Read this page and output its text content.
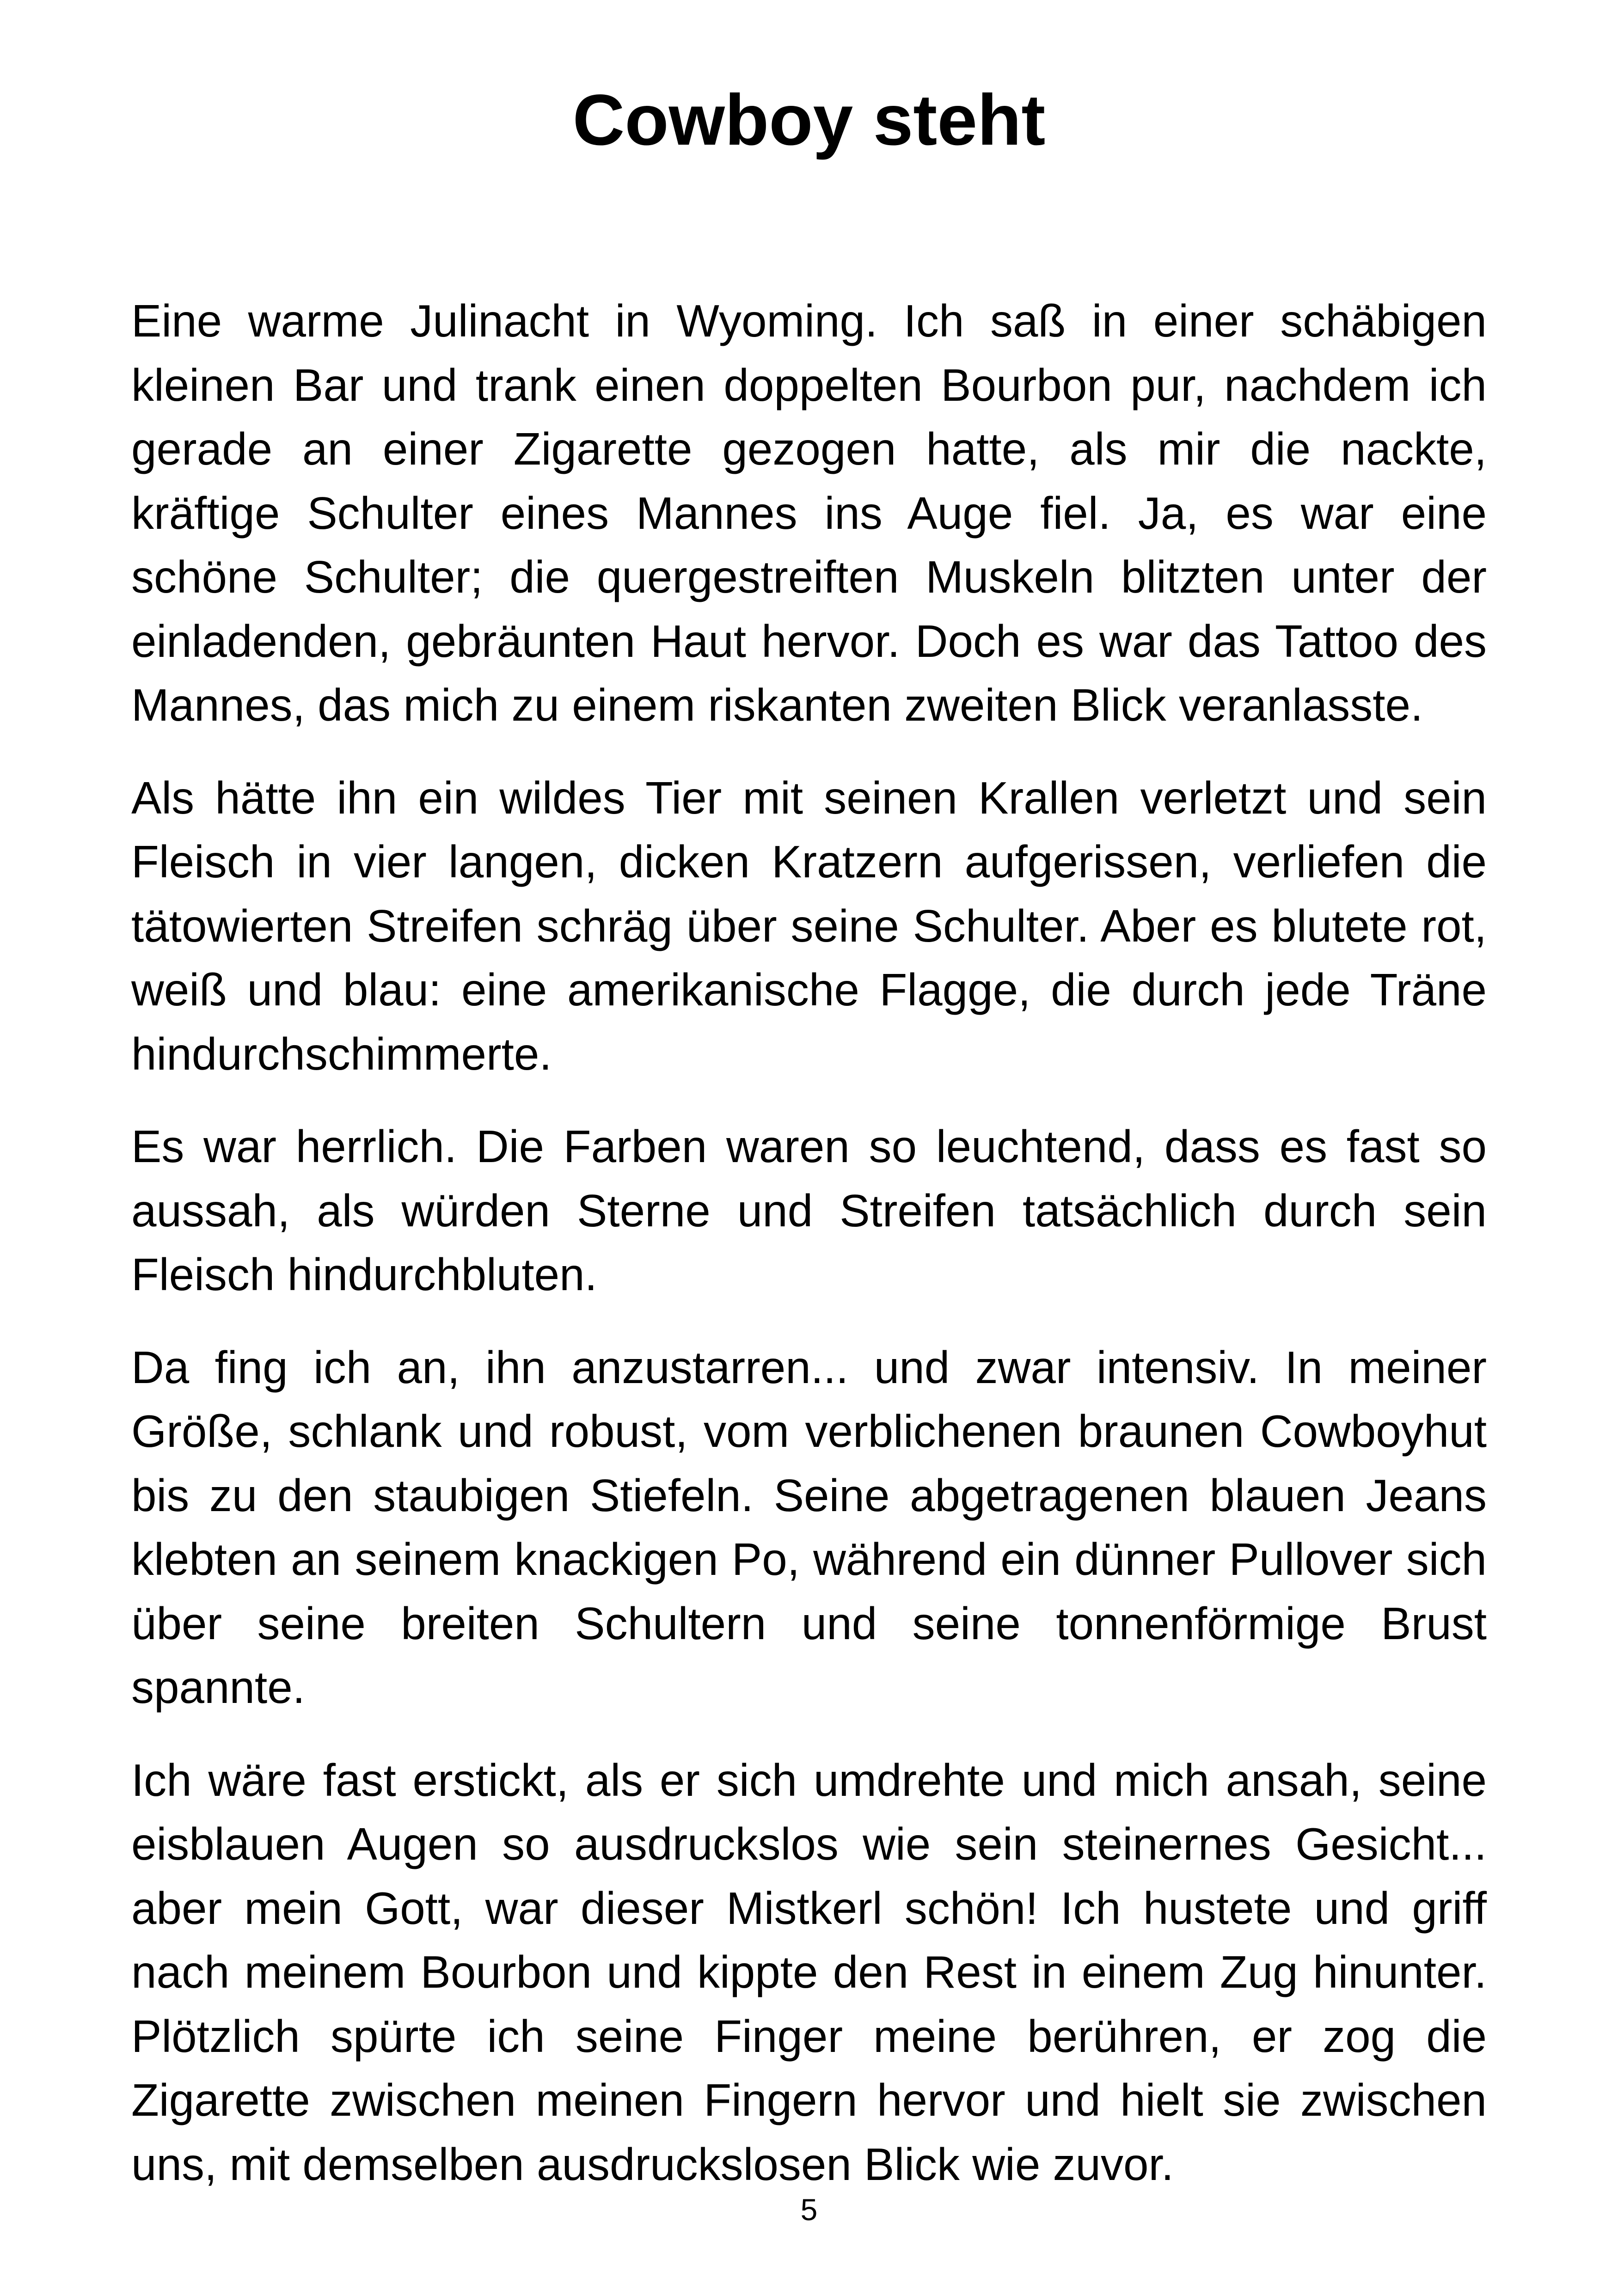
Cowboy steht

Eine warme Julinacht in Wyoming. Ich saß in einer schäbigen kleinen Bar und trank einen doppelten Bourbon pur, nachdem ich gerade an einer Zigarette gezogen hatte, als mir die nackte, kräftige Schulter eines Mannes ins Auge fiel. Ja, es war eine schöne Schulter; die quergestreiften Muskeln blitzten unter der einladenden, gebräunten Haut hervor. Doch es war das Tattoo des Mannes, das mich zu einem riskanten zweiten Blick veranlasste.

Als hätte ihn ein wildes Tier mit seinen Krallen verletzt und sein Fleisch in vier langen, dicken Kratzern aufgerissen, verliefen die tätowierten Streifen schräg über seine Schulter. Aber es blutete rot, weiß und blau: eine amerikanische Flagge, die durch jede Träne hindurchschimmerte.

Es war herrlich. Die Farben waren so leuchtend, dass es fast so aussah, als würden Sterne und Streifen tatsächlich durch sein Fleisch hindurchbluten.

Da fing ich an, ihn anzustarren... und zwar intensiv. In meiner Größe, schlank und robust, vom verblichenen braunen Cowboyhut bis zu den staubigen Stiefeln. Seine abgetragenen blauen Jeans klebten an seinem knackigen Po, während ein dünner Pullover sich über seine breiten Schultern und seine tonnenförmige Brust spannte.

Ich wäre fast erstickt, als er sich umdrehte und mich ansah, seine eisblauen Augen so ausdruckslos wie sein steinernes Gesicht... aber mein Gott, war dieser Mistkerl schön! Ich hustete und griff nach meinem Bourbon und kippte den Rest in einem Zug hinunter. Plötzlich spürte ich seine Finger meine berühren, er zog die Zigarette zwischen meinen Fingern hervor und hielt sie zwischen uns, mit demselben ausdruckslosen Blick wie zuvor.

5
